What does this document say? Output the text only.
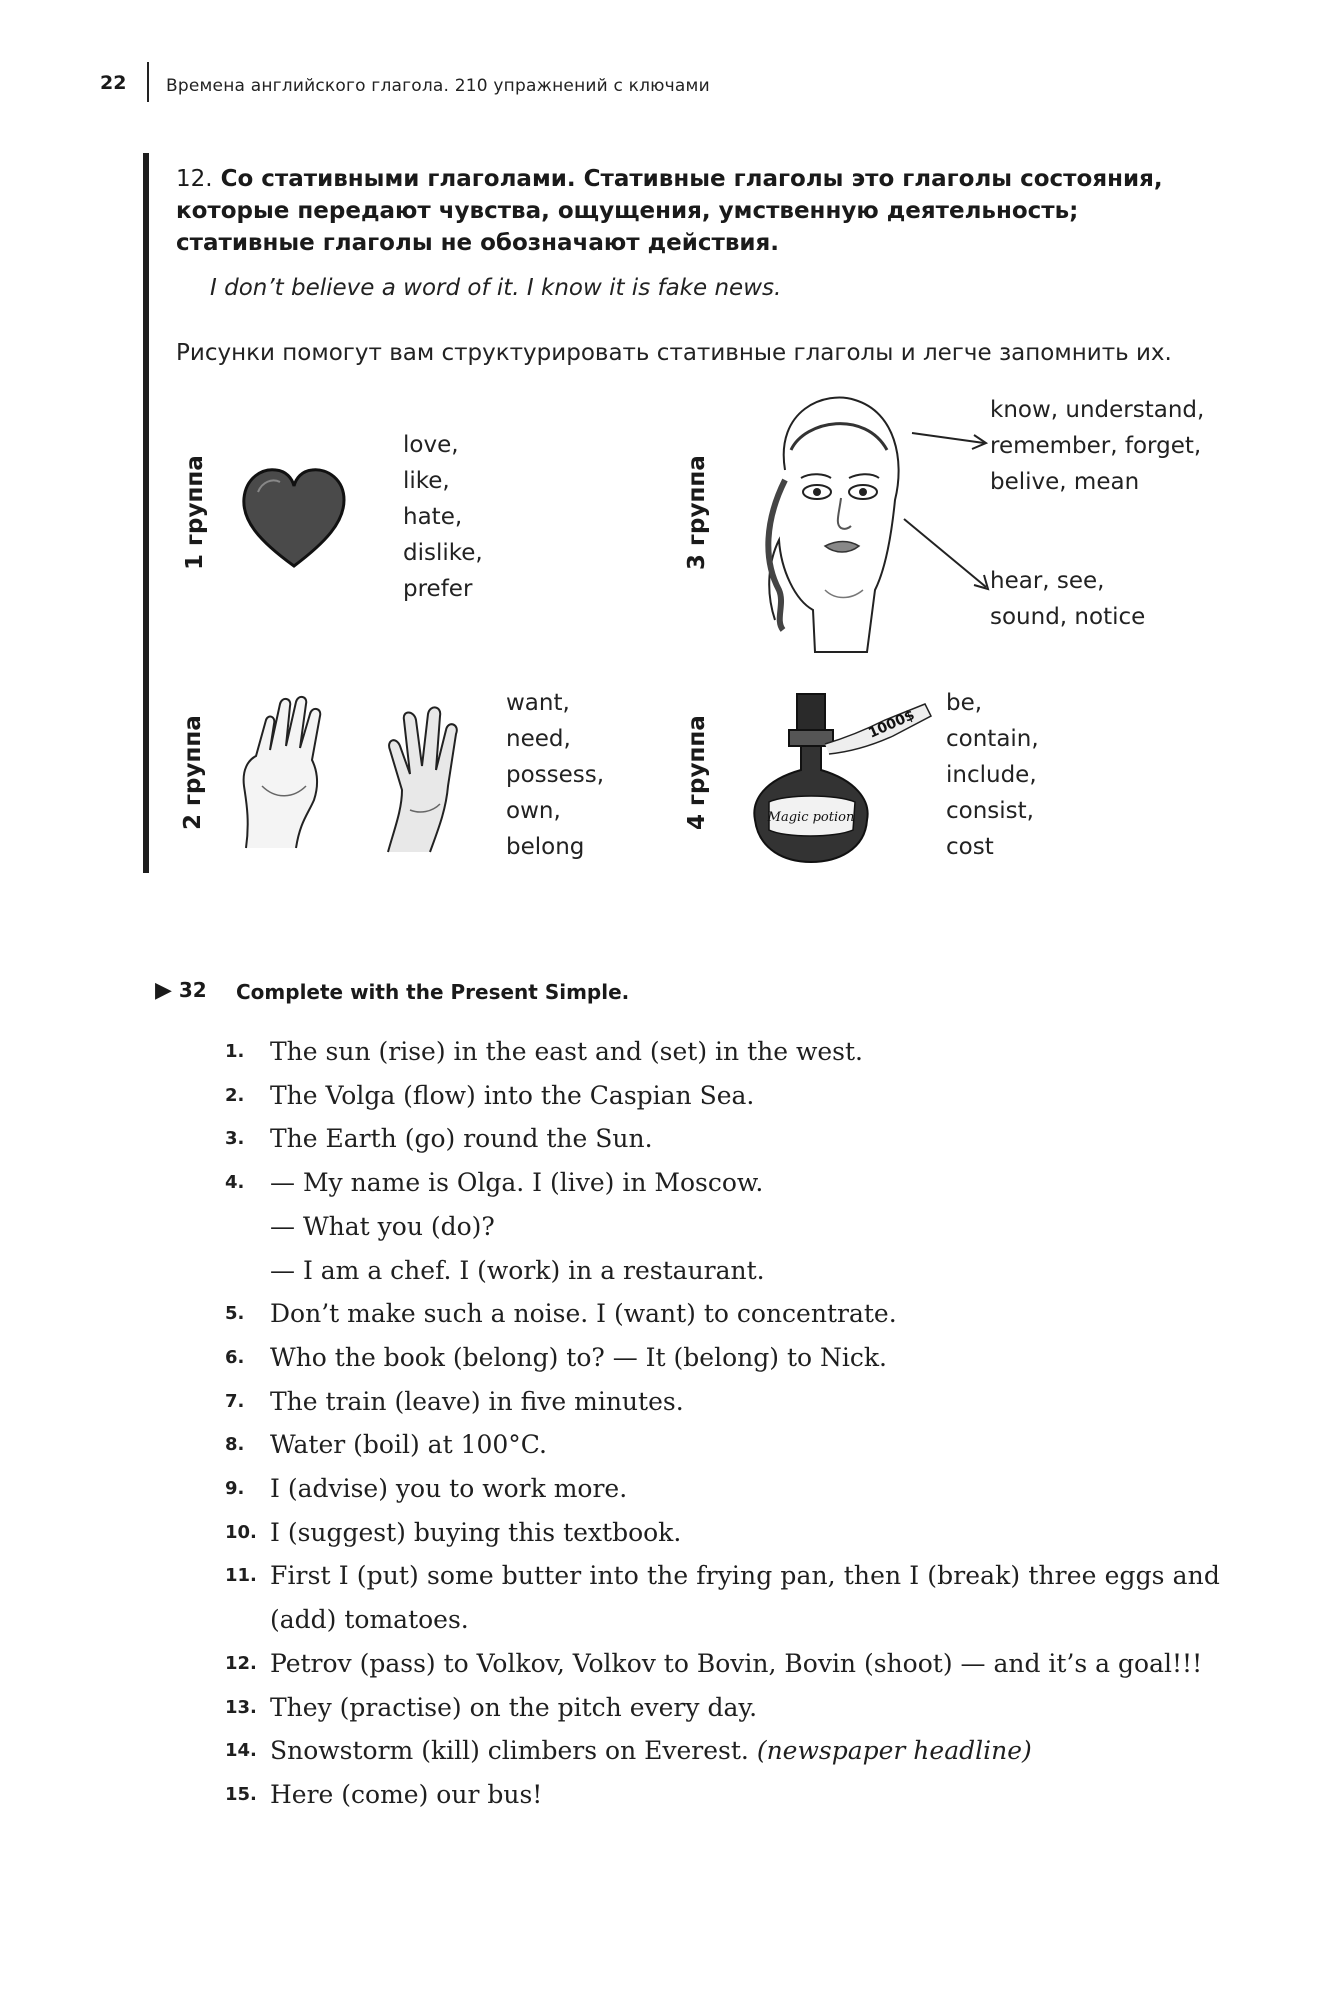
22 Времена английского глагола. 210 упражнений с ключами
12. Со стативными глаголами. Стативные глаголы это глаголы состояния, которые передают чувства, ощущения, умственную деятельность; стативные глаголы не обозначают действия.
I don’t believe a word of it. I know it is fake news.
Рисунки помогут вам структурировать стативные глаголы и легче запомнить их.
1 группа
love,
like,
hate,
dislike,
prefer
3 группа
know, understand,
remember, forget,
belive, mean
hear, see,
sound, notice
2 группа
want,
need,
possess,
own,
belong
4 группа	Magic potion
1000$
be,
contain,
include,
consist,
cost
▶ 32 Complete with the Present Simple.
1.	The sun (rise) in the east and (set) in the west.
2.	The Volga (flow) into the Caspian Sea.
3.	The Earth (go) round the Sun.
4.	— My name is Olga. I (live) in Moscow.
— What you (do)?
— I am a chef. I (work) in a restaurant.
5.	Don’t make such a noise. I (want) to concentrate.
6.	Who the book (belong) to? — It (belong) to Nick.
7.	The train (leave) in five minutes.
8.	Water (boil) at 100°C.
9.	I (advise) you to work more.
10. I (suggest) buying this textbook.
11. First I (put) some butter into the frying pan, then I (break) three eggs and
(add) tomatoes.
12. Petrov (pass) to Volkov, Volkov to Bovin, Bovin (shoot) — and it’s a goal!!!
13. They (practise) on the pitch every day.
14. Snowstorm (kill) climbers on Everest. (newspaper headline)
15. Here (come) our bus!
